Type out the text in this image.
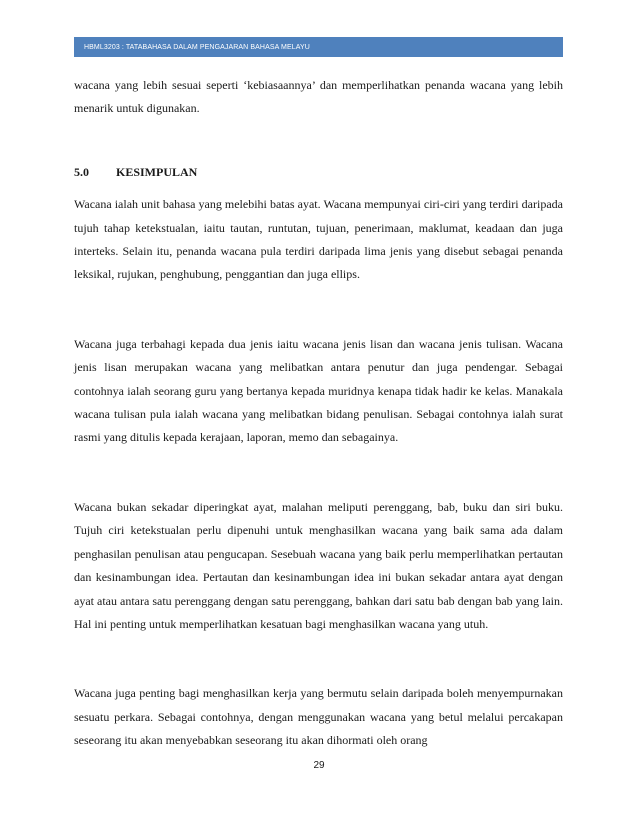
HBML3203 : TATABAHASA DALAM PENGAJARAN BAHASA MELAYU

wacana yang lebih sesuai seperti ‘kebiasaannya’ dan memperlihatkan penanda wacana yang lebih menarik untuk digunakan.

5.0	KESIMPULAN

Wacana ialah unit bahasa yang melebihi batas ayat. Wacana mempunyai ciri-ciri yang terdiri daripada tujuh tahap ketekstualan, iaitu tautan, runtutan, tujuan, penerimaan, maklumat, keadaan dan juga interteks. Selain itu, penanda wacana pula terdiri daripada lima jenis yang disebut sebagai penanda leksikal, rujukan, penghubung, penggantian dan juga ellips.

Wacana juga terbahagi kepada dua jenis iaitu wacana jenis lisan dan wacana jenis tulisan. Wacana jenis lisan merupakan wacana yang melibatkan antara penutur dan juga pendengar. Sebagai contohnya ialah seorang guru yang bertanya kepada muridnya kenapa tidak hadir ke kelas. Manakala wacana tulisan pula ialah wacana yang melibatkan bidang penulisan. Sebagai contohnya ialah surat rasmi yang ditulis kepada kerajaan, laporan, memo dan sebagainya.

Wacana bukan sekadar diperingkat ayat, malahan meliputi perenggang, bab, buku dan siri buku. Tujuh ciri ketekstualan perlu dipenuhi untuk menghasilkan wacana yang baik sama ada dalam penghasilan penulisan atau pengucapan. Sesebuah wacana yang baik perlu memperlihatkan pertautan dan kesinambungan idea. Pertautan dan kesinambungan idea ini bukan sekadar antara ayat dengan ayat atau antara satu perenggang dengan satu perenggang, bahkan dari satu bab dengan bab yang lain. Hal ini penting untuk memperlihatkan kesatuan bagi menghasilkan wacana yang utuh.

Wacana juga penting bagi menghasilkan kerja yang bermutu selain daripada boleh menyempurnakan sesuatu perkara. Sebagai contohnya, dengan menggunakan wacana yang betul melalui percakapan seseorang itu akan menyebabkan seseorang itu akan dihormati oleh orang

29
